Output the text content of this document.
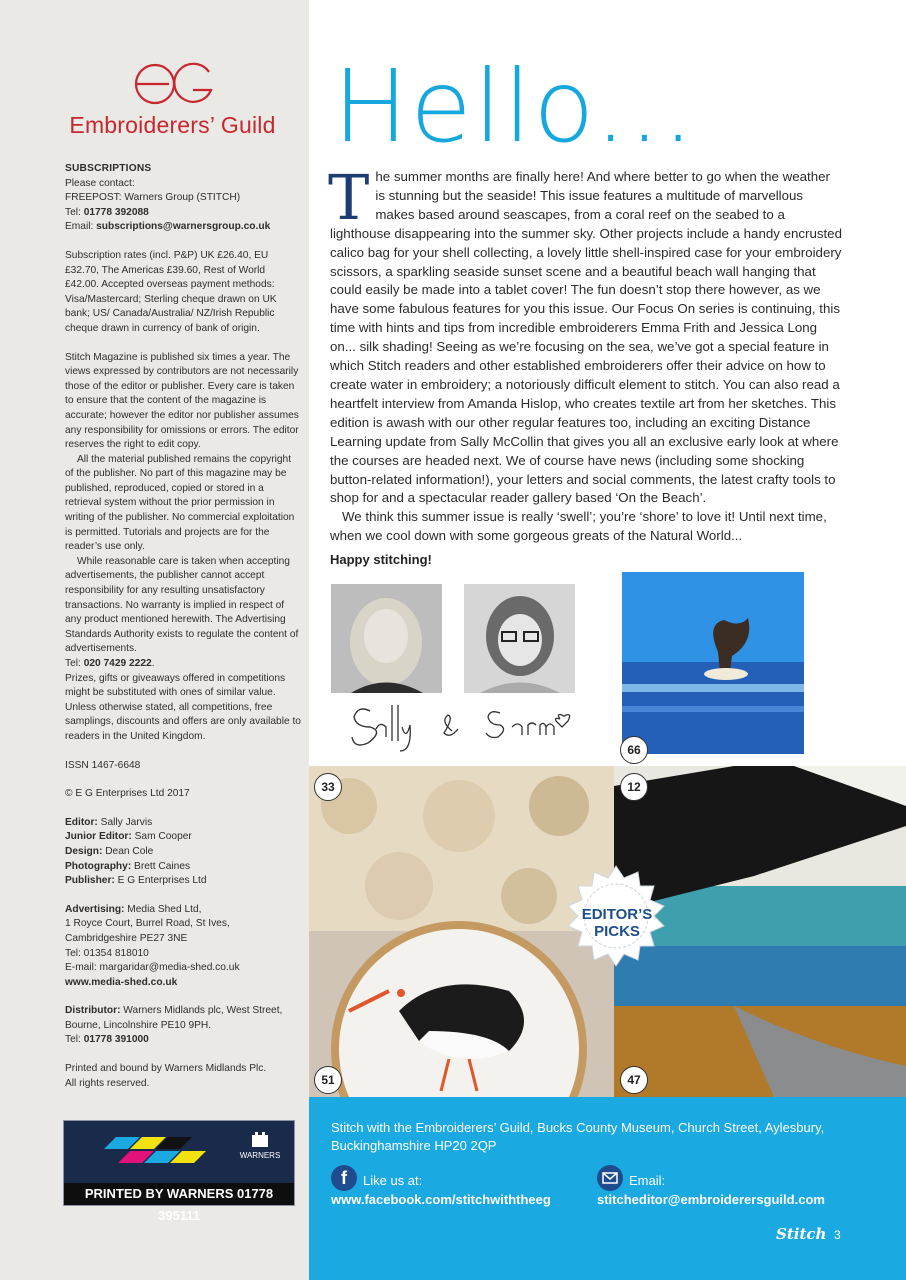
Embroiderers’ Guild

SUBSCRIPTIONS
Please contact:
FREEPOST: Warners Group (STITCH)
Tel: 01778 392088
Email: subscriptions@warnersgroup.co.uk

Subscription rates (incl. P&P) UK £26.40, EU £32.70, The Americas £39.60, Rest of World £42.00. Accepted overseas payment methods: Visa/Mastercard; Sterling cheque drawn on UK bank; US/ Canada/Australia/ NZ/Irish Republic cheque drawn in currency of bank of origin.

Stitch Magazine is published six times a year. The views expressed by contributors are not necessarily those of the editor or publisher. Every care is taken to ensure that the content of the magazine is accurate; however the editor nor publisher assumes any responsibility for omissions or errors. The editor reserves the right to edit copy.

All the material published remains the copyright of the publisher. No part of this magazine may be published, reproduced, copied or stored in a retrieval system without the prior permission in writing of the publisher. No commercial exploitation is permitted. Tutorials and projects are for the reader’s use only.

While reasonable care is taken when accepting advertisements, the publisher cannot accept responsibility for any resulting unsatisfactory transactions. No warranty is implied in respect of any product mentioned herewith. The Advertising Standards Authority exists to regulate the content of advertisements.

Tel: 020 7429 2222.

Prizes, gifts or giveaways offered in competitions might be substituted with ones of similar value. Unless otherwise stated, all competitions, free samplings, discounts and offers are only available to readers in the United Kingdom.

ISSN 1467-6648

© E G Enterprises Ltd 2017

Editor: Sally Jarvis
Junior Editor: Sam Cooper
Design: Dean Cole
Photography: Brett Caines
Publisher: E G Enterprises Ltd

Advertising: Media Shed Ltd,
1 Royce Court, Burrel Road, St Ives,
Cambridgeshire PE27 3NE
Tel: 01354 818010
E-mail: margaridar@media-shed.co.uk
www.media-shed.co.uk

Distributor: Warners Midlands plc, West Street,
Bourne, Lincolnshire PE10 9PH.
Tel: 01778 391000

Printed and bound by Warners Midlands Plc.
All rights reserved.

WARNERS
PRINTED BY WARNERS 01778 395111
Hello...
T he summer months are finally here! And where better to go when the weather is stunning but the seaside! This issue features a multitude of marvellous makes based around seascapes, from a coral reef on the seabed to a lighthouse disappearing into the summer sky. Other projects include a handy encrusted calico bag for your shell collecting, a lovely little shell-inspired case for your embroidery scissors, a sparkling seaside sunset scene and a beautiful beach wall hanging that could easily be made into a tablet cover! The fun doesn’t stop there however, as we have some fabulous features for you this issue. Our Focus On series is continuing, this time with hints and tips from incredible embroiderers Emma Frith and Jessica Long on... silk shading! Seeing as we’re focusing on the sea, we’ve got a special feature in which Stitch readers and other established embroiderers offer their advice on how to create water in embroidery; a notoriously difficult element to stitch. You can also read a heartfelt interview from Amanda Hislop, who creates textile art from her sketches. This edition is awash with our other regular features too, including an exciting Distance Learning update from Sally McCollin that gives you all an exclusive early look at where the courses are headed next. We of course have news (including some shocking button-related information!), your letters and social comments, the latest crafty tools to shop for and a spectacular reader gallery based ‘On the Beach’.

We think this summer issue is really ‘swell’; you’re ‘shore’ to love it! Until next time, when we cool down with some gorgeous greats of the Natural World...

Happy stitching!
EDITOR’S PICKS
66
33	12
51	47
Stitch with the Embroiderers’ Guild, Bucks County Museum, Church Street, Aylesbury, Buckinghamshire HP20 2QP
f	Like us at:
www.facebook.com/stitchwiththeeg
Email:
stitcheditor@embroiderersguild.com
Stitch 3
